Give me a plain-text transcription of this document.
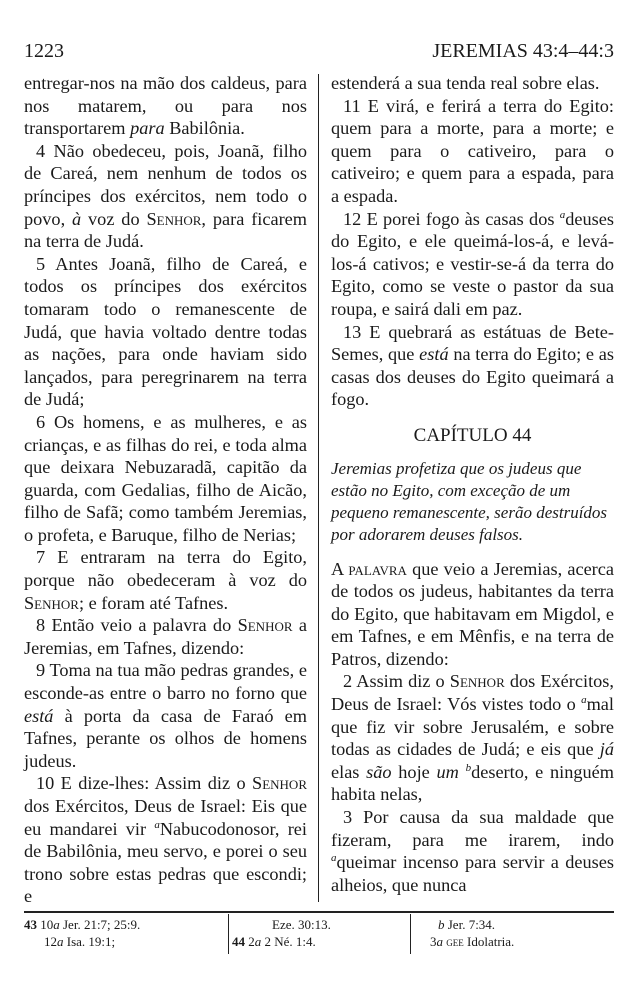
1223	JEREMIAS 43:4–44:3

entregar-nos na mão dos caldeus, para nos matarem, ou para nos transportarem para Babilônia.

4 Não obedeceu, pois, Joanã, filho de Careá, nem nenhum de todos os príncipes dos exércitos, nem todo o povo, à voz do Senhor, para ficarem na terra de Judá.

5 Antes Joanã, filho de Careá, e todos os príncipes dos exércitos tomaram todo o remanescente de Judá, que havia voltado dentre todas as nações, para onde haviam sido lançados, para peregrinarem na terra de Judá;

6 Os homens, e as mulheres, e as crianças, e as filhas do rei, e toda alma que deixara Nebuzaradã, capitão da guarda, com Gedalias, filho de Aicão, filho de Safã; como também Jeremias, o profeta, e Baruque, filho de Nerias;

7 E entraram na terra do Egito, porque não obedeceram à voz do Senhor; e foram até Tafnes.

8 Então veio a palavra do Senhor a Jeremias, em Tafnes, dizendo:

9 Toma na tua mão pedras grandes, e esconde-as entre o barro no forno que está à porta da casa de Faraó em Tafnes, perante os olhos de homens judeus.

10 E dize-lhes: Assim diz o Senhor dos Exércitos, Deus de Israel: Eis que eu mandarei vir $^a$Nabucodonosor, rei de Babilônia, meu servo, e porei o seu trono sobre estas pedras que escondi; e

estenderá a sua tenda real sobre elas.

11 E virá, e ferirá a terra do Egito: quem para a morte, para a morte; e quem para o cativeiro, para o cativeiro; e quem para a espada, para a espada.

12 E porei fogo às casas dos $^a$deuses do Egito, e ele queimá-los-á, e levá-los-á cativos; e vestir-se-á da terra do Egito, como se veste o pastor da sua roupa, e sairá dali em paz.

13 E quebrará as estátuas de Bete-Semes, que está na terra do Egito; e as casas dos deuses do Egito queimará a fogo.

CAPÍTULO 44

Jeremias profetiza que os judeus que estão no Egito, com exceção de um pequeno remanescente, serão destruídos por adorarem deuses falsos.

A palavra que veio a Jeremias, acerca de todos os judeus, habitantes da terra do Egito, que habitavam em Migdol, e em Tafnes, e em Mênfis, e na terra de Patros, dizendo:

2 Assim diz o Senhor dos Exércitos, Deus de Israel: Vós vistes todo o $^a$mal que fiz vir sobre Jerusalém, e sobre todas as cidades de Judá; e eis que já elas são hoje um $^b$deserto, e ninguém habita nelas,

3 Por causa da sua maldade que fizeram, para me irarem, indo $^a$queimar incenso para servir a deuses alheios, que nunca

43 10a Jer. 21:7; 25:9.
12a Isa. 19:1;
Eze. 30:13.
44 2a 2 Né. 1:4.
b Jer. 7:34.
3a gee Idolatria.
